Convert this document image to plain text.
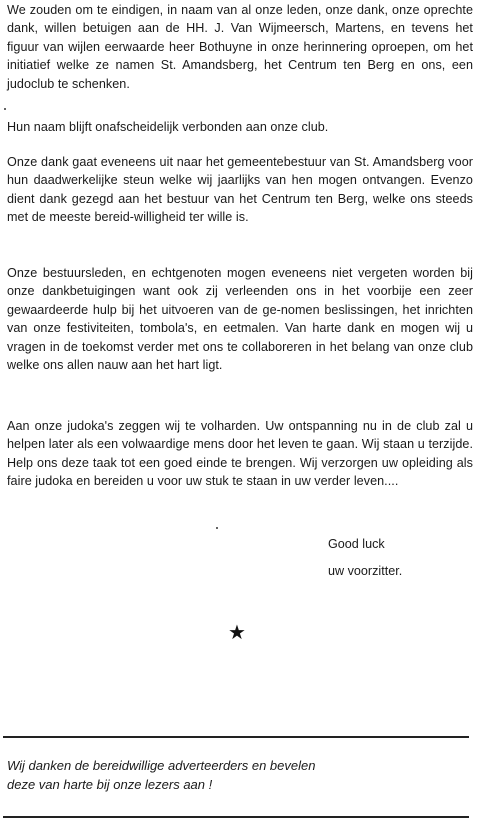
We zouden om te eindigen, in naam van al onze leden, onze dank, onze oprechte dank, willen betuigen aan de HH. J. Van Wijmeersch, Martens, en tevens het figuur van wijlen eerwaarde heer Bothuyne in onze herinnering oproepen, om het initiatief welke ze namen St. Amandsberg, het Centrum ten Berg en ons, een judoclub te schenken.

Hun naam blijft onafscheidelijk verbonden aan onze club.

Onze dank gaat eveneens uit naar het gemeentebestuur van St. Amandsberg voor hun daadwerkelijke steun welke wij jaarlijks van hen mogen ontvangen. Evenzo dient dank gezegd aan het bestuur van het Centrum ten Berg, welke ons steeds met de meeste bereid-willigheid ter wille is.

Onze bestuursleden, en echtgenoten mogen eveneens niet vergeten worden bij onze dankbetuigingen want ook zij verleenden ons in het voorbije een zeer gewaardeerde hulp bij het uitvoeren van de ge-nomen beslissingen, het inrichten van onze festiviteiten, tombola's, en eetmalen. Van harte dank en mogen wij u vragen in de toekomst verder met ons te collaboreren in het belang van onze club welke ons allen nauw aan het hart ligt.

Aan onze judoka's zeggen wij te volharden. Uw ontspanning nu in de club zal u helpen later als een volwaardige mens door het leven te gaan. Wij staan u terzijde. Help ons deze taak tot een goed einde te brengen. Wij verzorgen uw opleiding als faire judoka en bereiden u voor uw stuk te staan in uw verder leven....

Good luck

uw voorzitter.

★

Wij danken de bereidwillige adverteerders en bevelen
deze van harte bij onze lezers aan !
